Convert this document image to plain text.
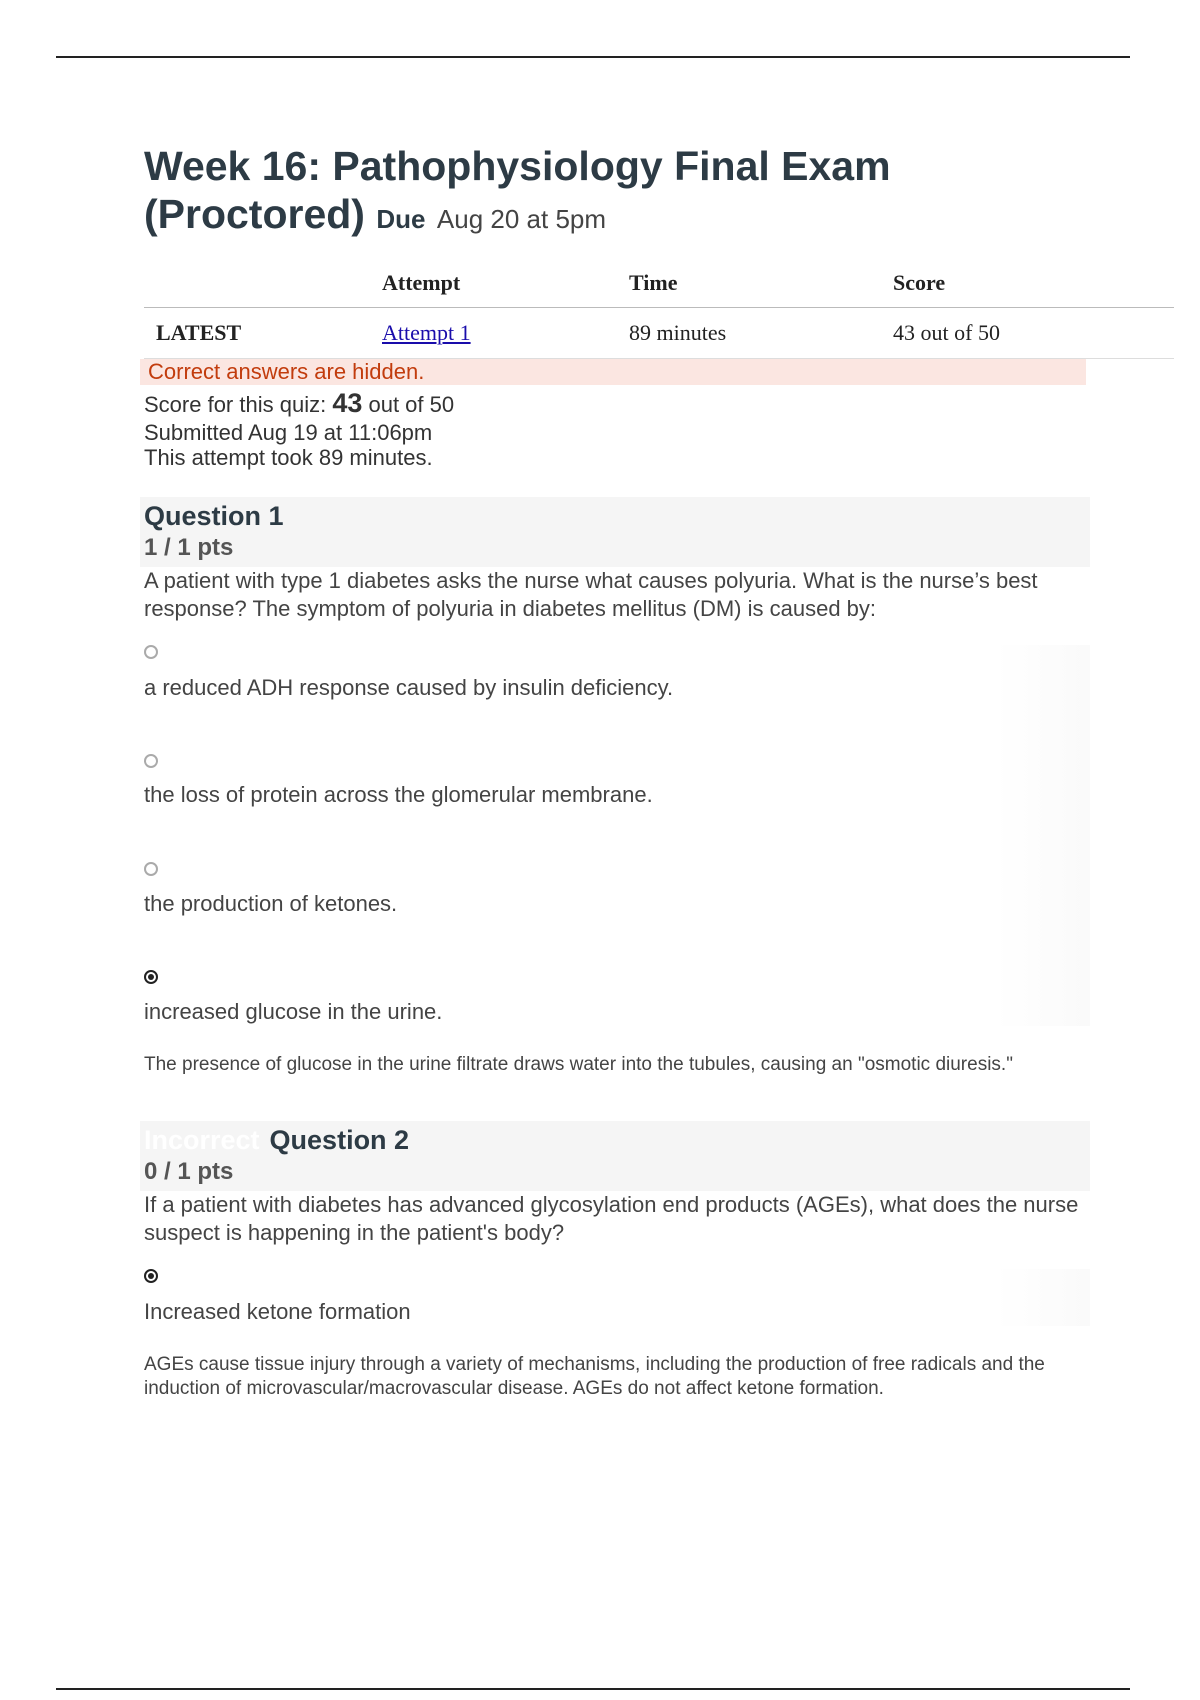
Week 16: Pathophysiology Final Exam
(Proctored) Due Aug 20 at 5pm
	Attempt	Time	Score
LATEST	Attempt 1	89 minutes	43 out of 50
Correct answers are hidden.
Score for this quiz: 43 out of 50
Submitted Aug 19 at 11:06pm
This attempt took 89 minutes.
Question 1
1 / 1 pts
A patient with type 1 diabetes asks the nurse what causes polyuria. What is the nurse’s best response? The symptom of polyuria in diabetes mellitus (DM) is caused by:
a reduced ADH response caused by insulin deficiency.
the loss of protein across the glomerular membrane.
the production of ketones.
increased glucose in the urine.
The presence of glucose in the urine filtrate draws water into the tubules, causing an "osmotic diuresis."
Incorrect Question 2
0 / 1 pts
If a patient with diabetes has advanced glycosylation end products (AGEs), what does the nurse suspect is happening in the patient's body?
Increased ketone formation
AGEs cause tissue injury through a variety of mechanisms, including the production of free radicals and the induction of microvascular/macrovascular disease. AGEs do not affect ketone formation.
